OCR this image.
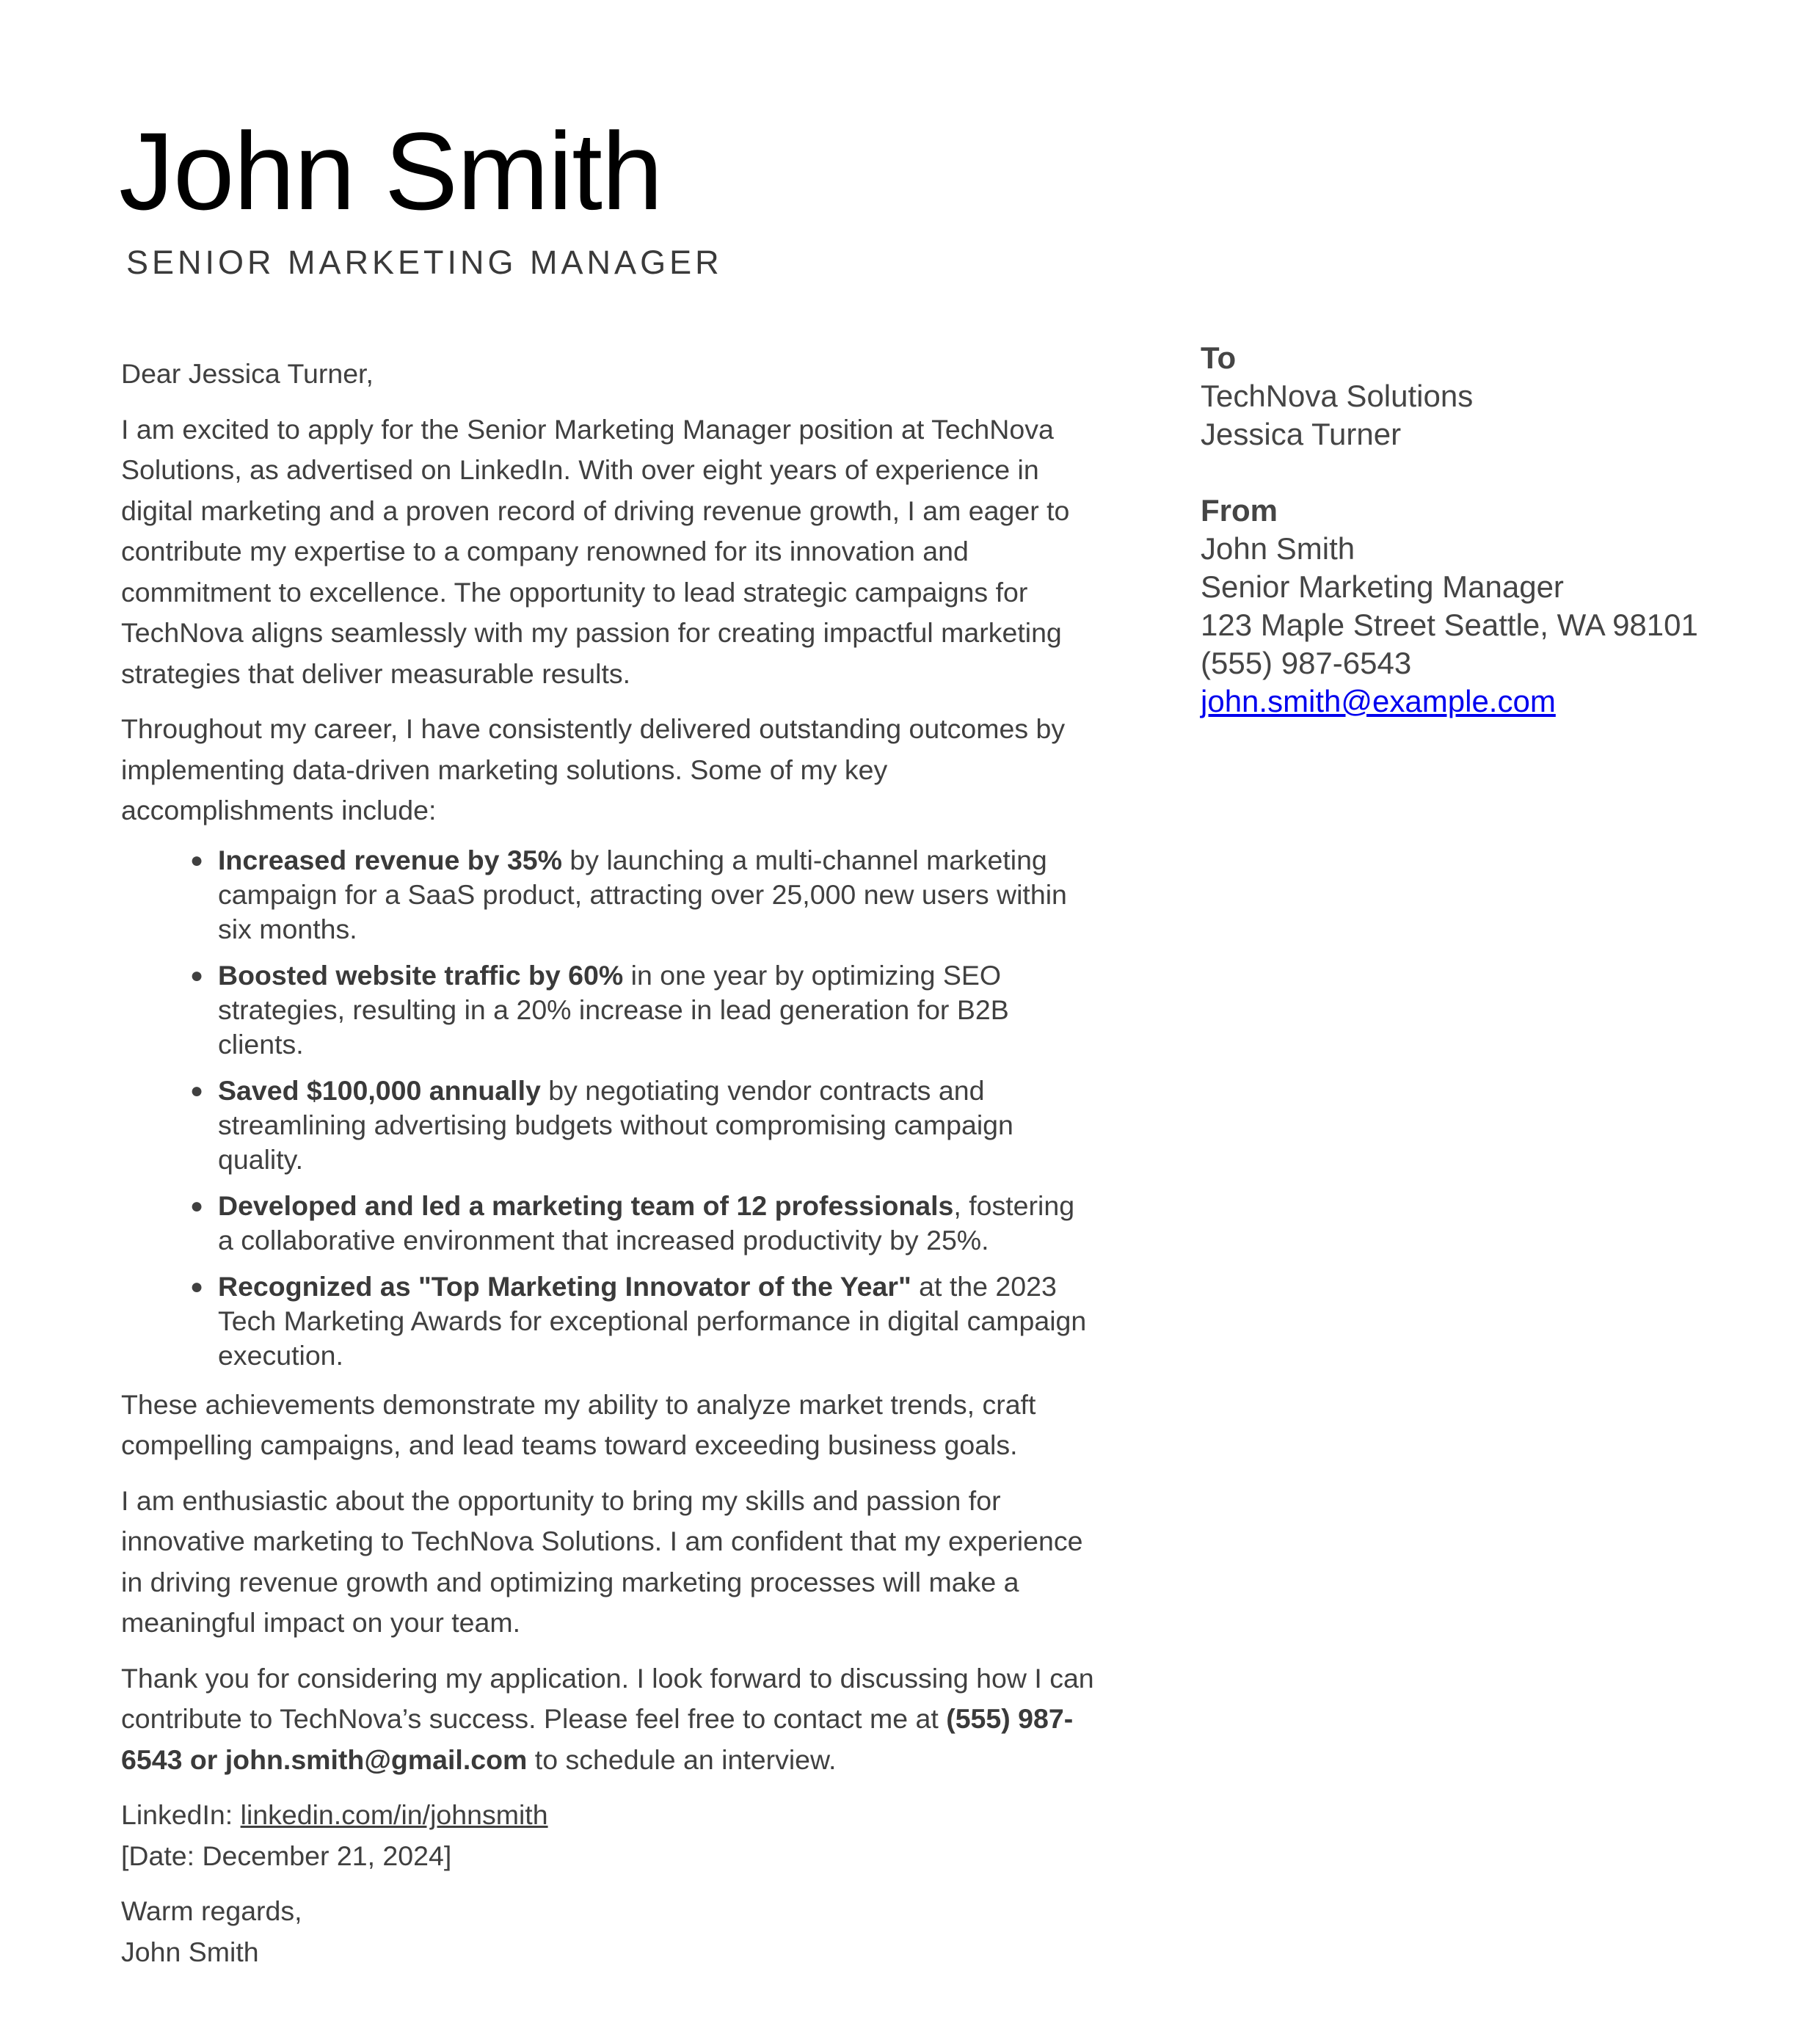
John Smith
SENIOR MARKETING MANAGER

Dear Jessica Turner,

I am excited to apply for the Senior Marketing Manager position at TechNova Solutions, as advertised on LinkedIn. With over eight years of experience in digital marketing and a proven record of driving revenue growth, I am eager to contribute my expertise to a company renowned for its innovation and commitment to excellence. The opportunity to lead strategic campaigns for TechNova aligns seamlessly with my passion for creating impactful marketing strategies that deliver measurable results.

Throughout my career, I have consistently delivered outstanding outcomes by implementing data-driven marketing solutions. Some of my key accomplishments include:

● Increased revenue by 35% by launching a multi-channel marketing campaign for a SaaS product, attracting over 25,000 new users within six months.
● Boosted website traffic by 60% in one year by optimizing SEO strategies, resulting in a 20% increase in lead generation for B2B clients.
● Saved $100,000 annually by negotiating vendor contracts and streamlining advertising budgets without compromising campaign quality.
● Developed and led a marketing team of 12 professionals, fostering a collaborative environment that increased productivity by 25%.
● Recognized as "Top Marketing Innovator of the Year" at the 2023 Tech Marketing Awards for exceptional performance in digital campaign execution.

These achievements demonstrate my ability to analyze market trends, craft compelling campaigns, and lead teams toward exceeding business goals.

I am enthusiastic about the opportunity to bring my skills and passion for innovative marketing to TechNova Solutions. I am confident that my experience in driving revenue growth and optimizing marketing processes will make a meaningful impact on your team.

Thank you for considering my application. I look forward to discussing how I can contribute to TechNova’s success. Please feel free to contact me at (555) 987-6543 or john.smith@gmail.com to schedule an interview.

LinkedIn: linkedin.com/in/johnsmith

[Date: December 21, 2024]

Warm regards,

John Smith

To
TechNova Solutions
Jessica Turner
From
John Smith
Senior Marketing Manager
123 Maple Street Seattle, WA 98101
(555) 987-6543
john.smith@example.com
